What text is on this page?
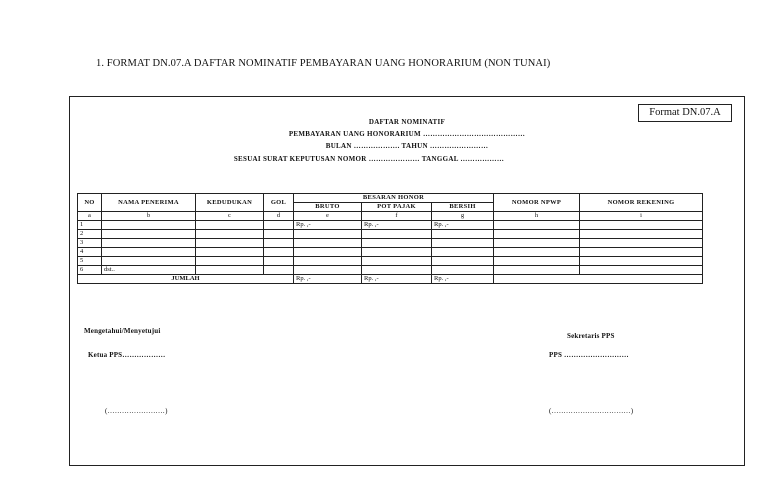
1. FORMAT DN.07.A DAFTAR NOMINATIF PEMBAYARAN UANG HONORARIUM (NON TUNAI)
Format DN.07.A
DAFTAR NOMINATIF
PEMBAYARAN UANG HONORARIUM ……………………………………
BULAN ………………. TAHUN ……………………
SESUAI SURAT KEPUTUSAN NOMOR ………………… TANGGAL ………………
NO	NAMA PENERIMA	KEDUDUKAN	GOL	BESARAN HONOR			NOMOR NPWP	NOMOR REKENING
				BRUTO	POT PAJAK	BERSIH		
a	b	c	d	e	f	g	h	i
1				Rp. ,-	Rp. ,-	Rp. ,-		
2								
3								
4								
5								
6	dst..							
JUMLAH				Rp. ,-	Rp. ,-	Rp. ,-		
Mengetahui/Menyetujui
Ketua PPS………………
(……………………)
Sekretaris PPS
PPS ………………………
(……………………………)
